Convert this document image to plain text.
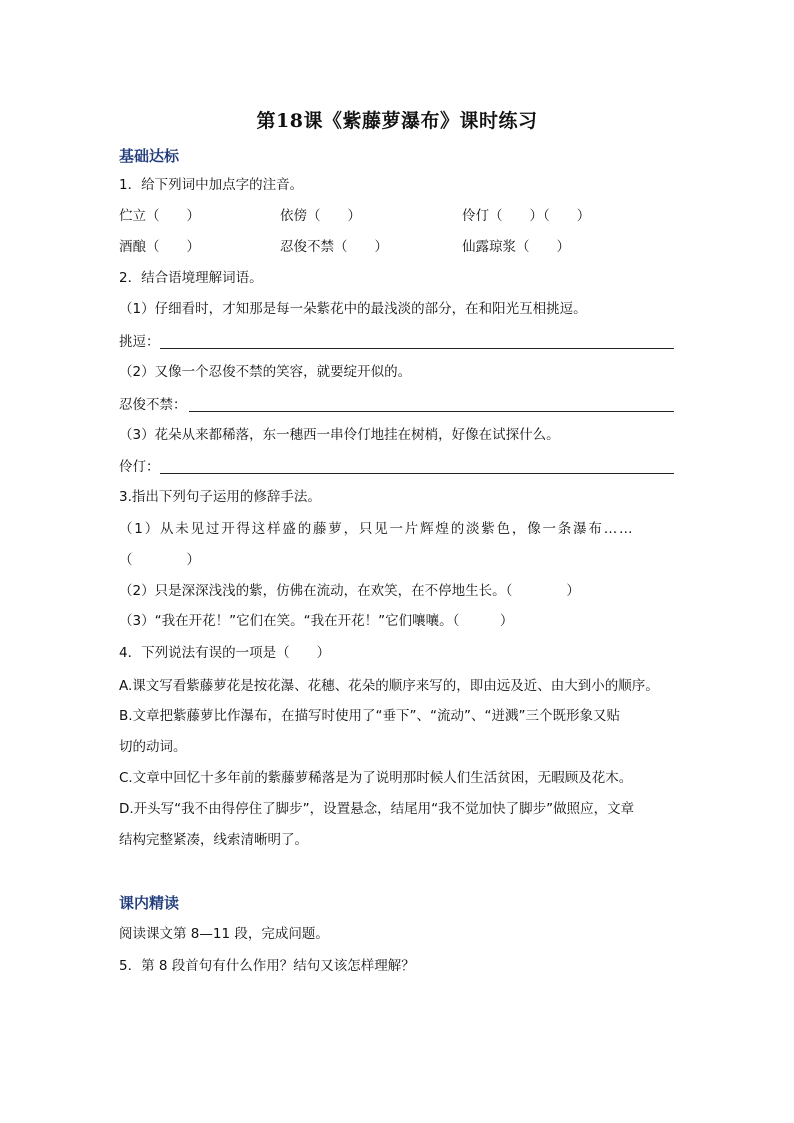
第18课《紫藤萝瀑布》课时练习
基础达标
1．给下列词中加点字的注音。
伫立（　　）	依傍（　　）	伶仃（　　）（　　）
酒酿（　　）	忍俊不禁（　　）	仙露琼浆（　　）
2．结合语境理解词语。
（1）仔细看时，才知那是每一朵紫花中的最浅淡的部分，在和阳光互相挑逗。
挑逗：
（2）又像一个忍俊不禁的笑容，就要绽开似的。
忍俊不禁：
（3）花朵从来都稀落，东一穗西一串伶仃地挂在树梢，好像在试探什么。
伶仃：
3.指出下列句子运用的修辞手法。
（1）从未见过开得这样盛的藤萝，只见一片辉煌的淡紫色，像一条瀑布……
（　　　　）
（2）只是深深浅浅的紫，仿佛在流动，在欢笑，在不停地生长。（　　　　）
（3）“我在开花！”它们在笑。“我在开花！”它们嚷嚷。（　　　）
4．下列说法有误的一项是（　　）
A.课文写看紫藤萝花是按花瀑、花穗、花朵的顺序来写的，即由远及近、由大到小的顺序。
B.文章把紫藤萝比作瀑布，在描写时使用了“垂下”、“流动”、“迸溅”三个既形象又贴
切的动词。
C.文章中回忆十多年前的紫藤萝稀落是为了说明那时候人们生活贫困，无暇顾及花木。
D.开头写“我不由得停住了脚步”，设置悬念，结尾用“我不觉加快了脚步”做照应，文章
结构完整紧凑，线索清晰明了。
课内精读
阅读课文第 8—11 段，完成问题。
5．第 8 段首句有什么作用？结句又该怎样理解？
